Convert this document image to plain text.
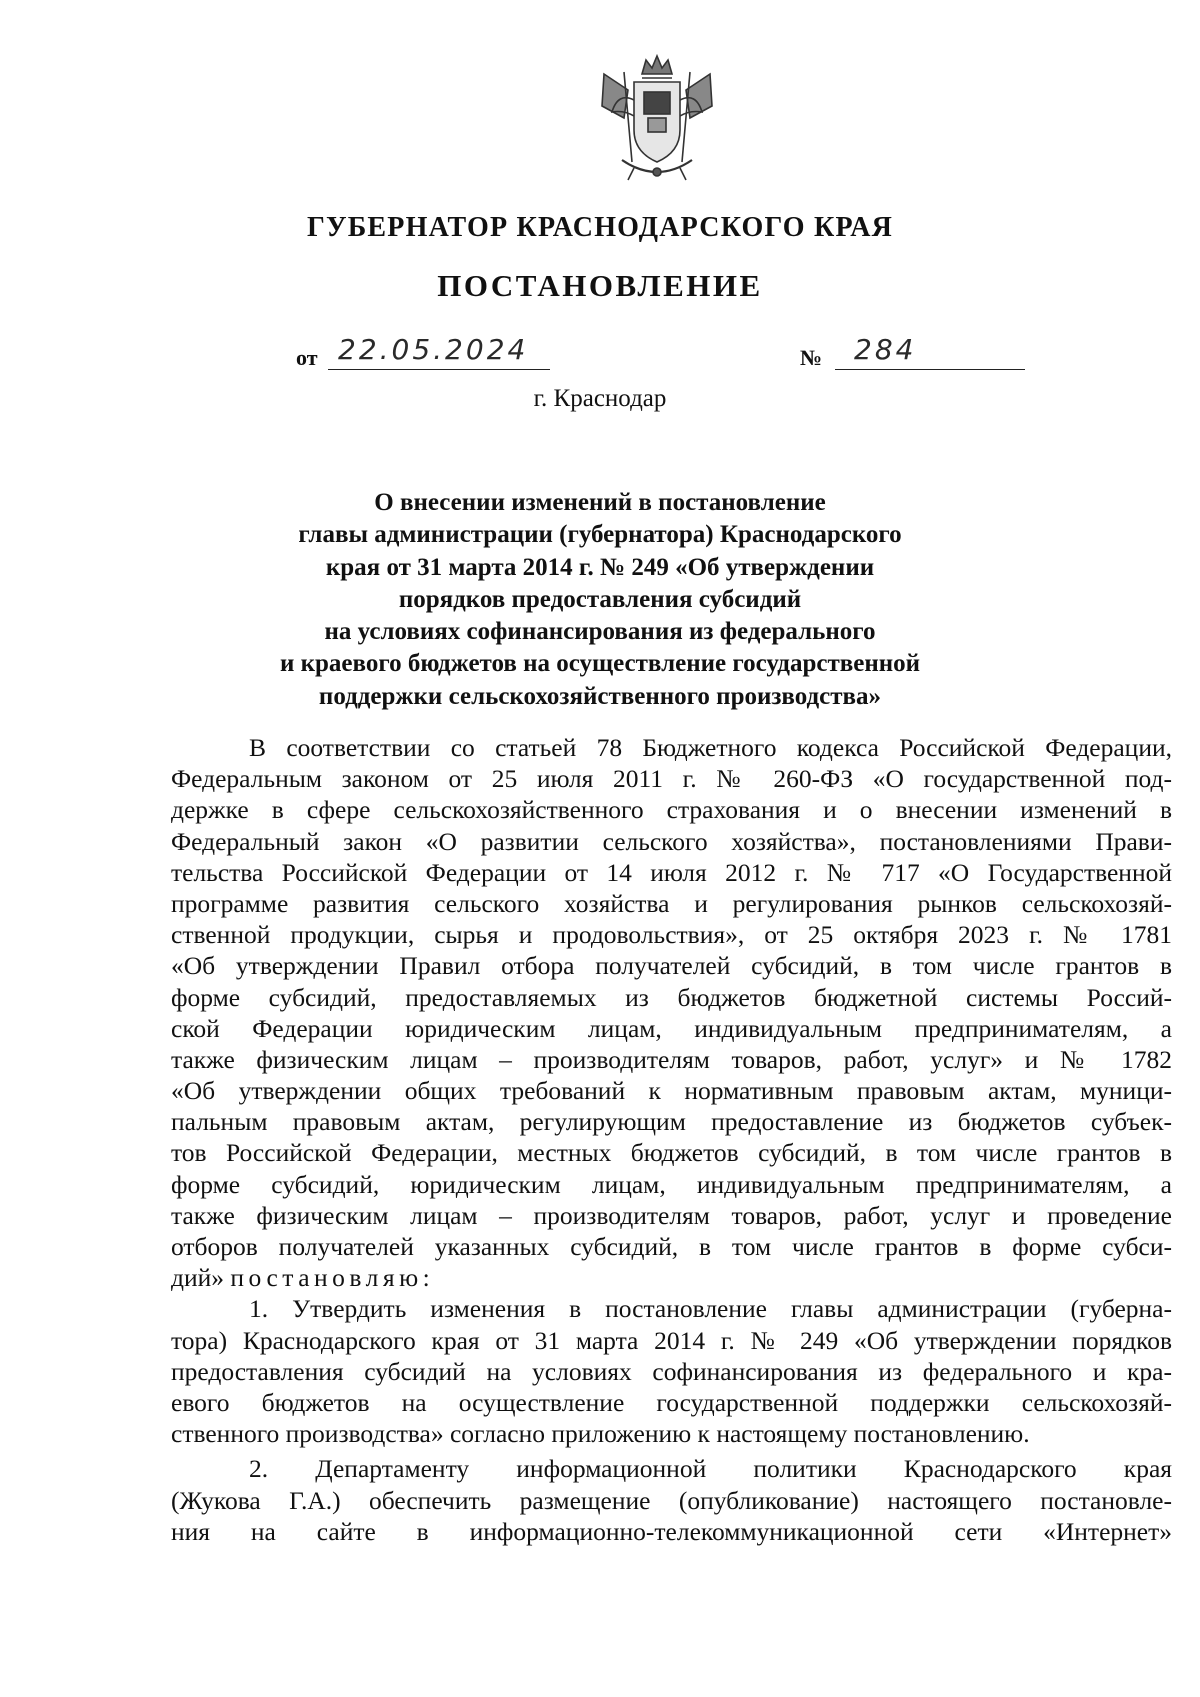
ГУБЕРНАТОР КРАСНОДАРСКОГО КРАЯ
ПОСТАНОВЛЕНИЕ
от 22.05.2024	№ 284
г. Краснодар
О внесении изменений в постановление
главы администрации (губернатора) Краснодарского
края от 31 марта 2014 г. № 249 «Об утверждении
порядков предоставления субсидий
на условиях софинансирования из федерального
и краевого бюджетов на осуществление государственной
поддержки сельскохозяйственного производства»
В соответствии со статьей 78 Бюджетного кодекса Российской Федерации,
Федеральным законом от 25 июля 2011 г. № 260-ФЗ «О государственной под-
держке в сфере сельскохозяйственного страхования и о внесении изменений в
Федеральный закон «О развитии сельского хозяйства», постановлениями Прави-
тельства Российской Федерации от 14 июля 2012 г. № 717 «О Государственной
программе развития сельского хозяйства и регулирования рынков сельскохозяй-
ственной продукции, сырья и продовольствия», от 25 октября 2023 г. № 1781
«Об утверждении Правил отбора получателей субсидий, в том числе грантов в
форме субсидий, предоставляемых из бюджетов бюджетной системы Россий-
ской Федерации юридическим лицам, индивидуальным предпринимателям, а
также физическим лицам – производителям товаров, работ, услуг» и № 1782
«Об утверждении общих требований к нормативным правовым актам, муници-
пальным правовым актам, регулирующим предоставление из бюджетов субъек-
тов Российской Федерации, местных бюджетов субсидий, в том числе грантов в
форме субсидий, юридическим лицам, индивидуальным предпринимателям, а
также физическим лицам – производителям товаров, работ, услуг и проведение
отборов получателей указанных субсидий, в том числе грантов в форме субси-
дий» постановляю:
1. Утвердить изменения в постановление главы администрации (губерна-
тора) Краснодарского края от 31 марта 2014 г. № 249 «Об утверждении порядков
предоставления субсидий на условиях софинансирования из федерального и кра-
евого бюджетов на осуществление государственной поддержки сельскохозяй-
ственного производства» согласно приложению к настоящему постановлению.
2. Департаменту информационной политики Краснодарского края
(Жукова Г.А.) обеспечить размещение (опубликование) настоящего постановле-
ния на сайте в информационно-телекоммуникационной сети «Интернет»
